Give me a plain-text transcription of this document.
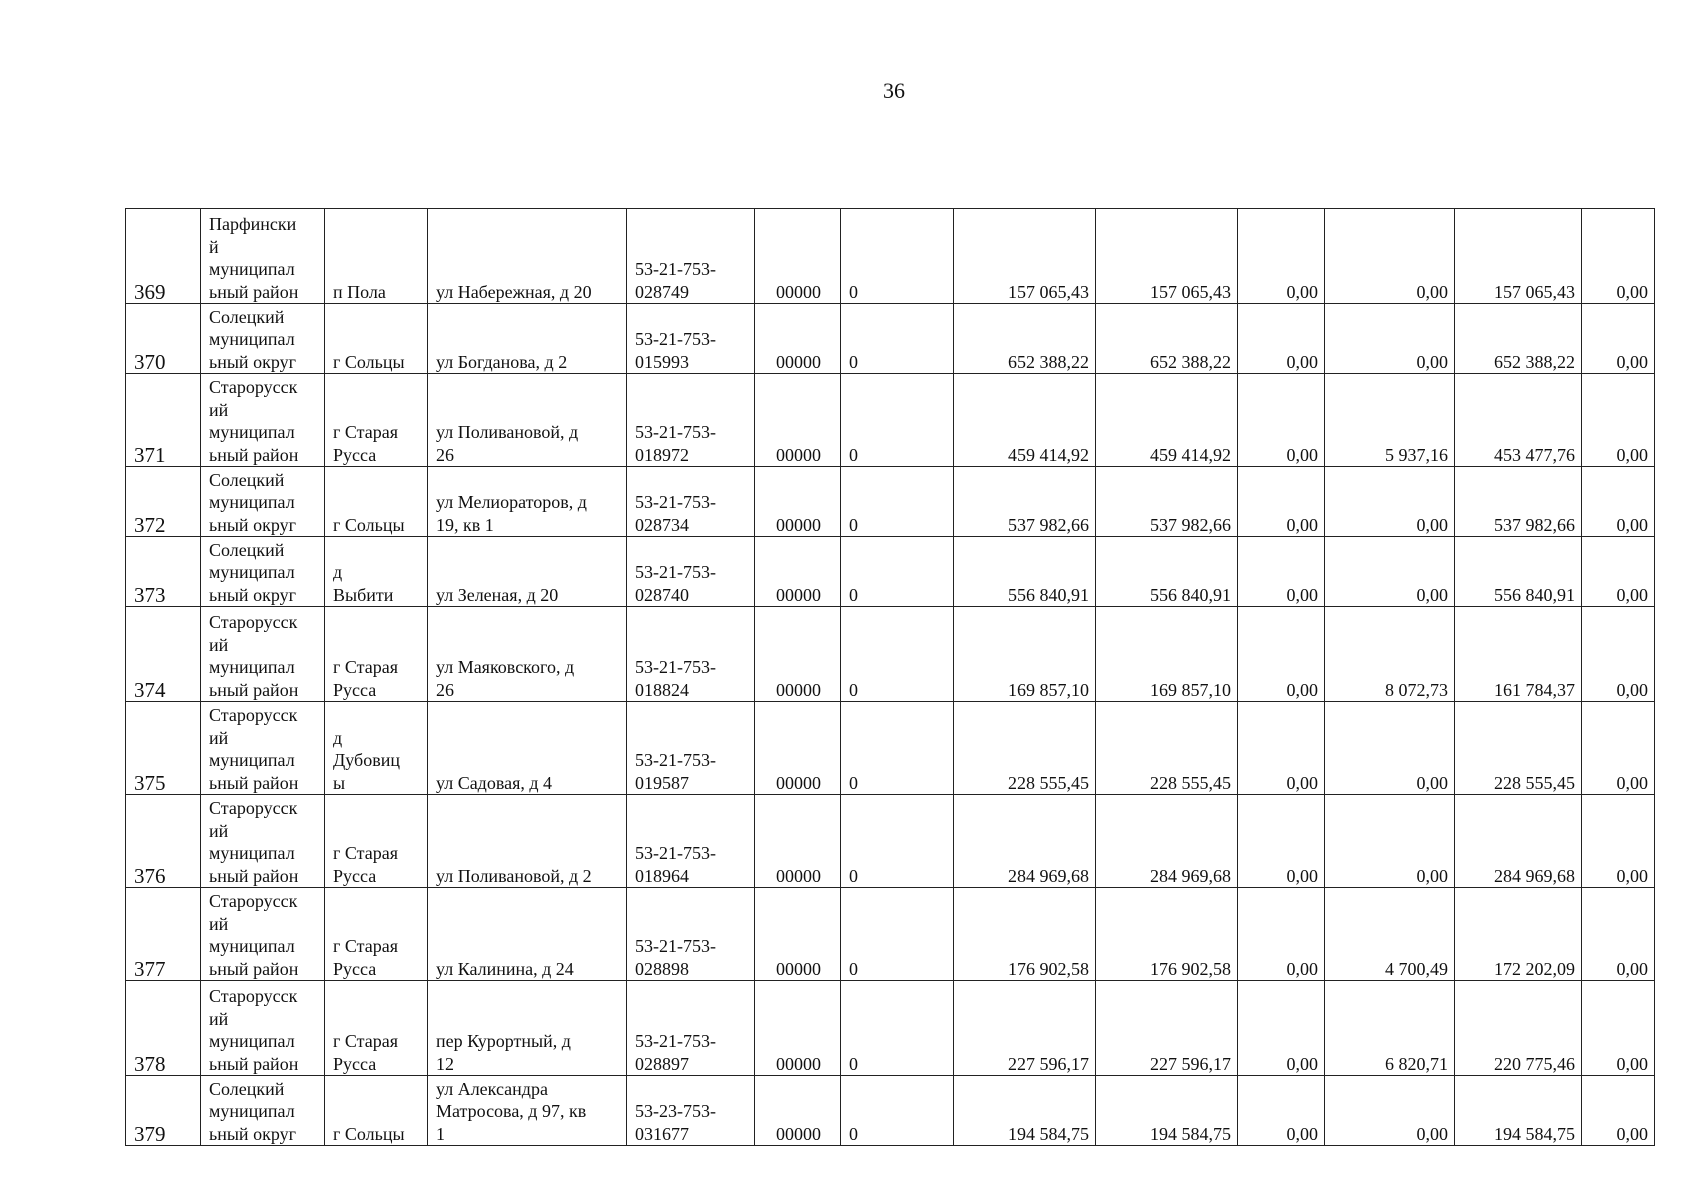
36
369	Парфински
й
муниципал
ьный район	п Пола	ул Набережная, д 20	53-21-753-
028749	00000	0	157 065,43	157 065,43	0,00	0,00	157 065,43	0,00
370	Солецкий
муниципал
ьный округ	г Сольцы	ул Богданова, д 2	53-21-753-
015993	00000	0	652 388,22	652 388,22	0,00	0,00	652 388,22	0,00
371	Старорусск
ий
муниципал
ьный район	г Старая
Русса	ул Поливановой, д
26	53-21-753-
018972	00000	0	459 414,92	459 414,92	0,00	5 937,16	453 477,76	0,00
372	Солецкий
муниципал
ьный округ	г Сольцы	ул Мелиораторов, д
19, кв 1	53-21-753-
028734	00000	0	537 982,66	537 982,66	0,00	0,00	537 982,66	0,00
373	Солецкий
муниципал
ьный округ	д
Выбити	ул Зеленая, д 20	53-21-753-
028740	00000	0	556 840,91	556 840,91	0,00	0,00	556 840,91	0,00
374	Старорусск
ий
муниципал
ьный район	г Старая
Русса	ул Маяковского, д
26	53-21-753-
018824	00000	0	169 857,10	169 857,10	0,00	8 072,73	161 784,37	0,00
375	Старорусск
ий
муниципал
ьный район	д
Дубовиц
ы	ул Садовая, д 4	53-21-753-
019587	00000	0	228 555,45	228 555,45	0,00	0,00	228 555,45	0,00
376	Старорусск
ий
муниципал
ьный район	г Старая
Русса	ул Поливановой, д 2	53-21-753-
018964	00000	0	284 969,68	284 969,68	0,00	0,00	284 969,68	0,00
377	Старорусск
ий
муниципал
ьный район	г Старая
Русса	ул Калинина, д 24	53-21-753-
028898	00000	0	176 902,58	176 902,58	0,00	4 700,49	172 202,09	0,00
378	Старорусск
ий
муниципал
ьный район	г Старая
Русса	пер Курортный, д
12	53-21-753-
028897	00000	0	227 596,17	227 596,17	0,00	6 820,71	220 775,46	0,00
379	Солецкий
муниципал
ьный округ	г Сольцы	ул Александра
Матросова, д 97, кв
1	53-23-753-
031677	00000	0	194 584,75	194 584,75	0,00	0,00	194 584,75	0,00
